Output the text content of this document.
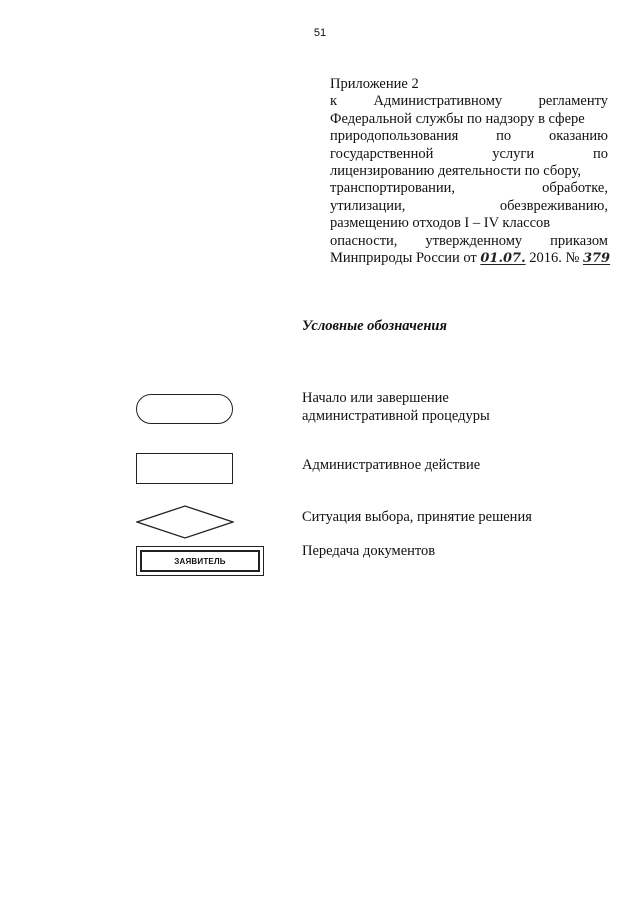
51
Приложение 2
к	Административному	регламенту
Федеральной службы по надзору в сфере
природопользования	по	оказанию
государственной	услуги	по
лицензированию деятельности по сбору,
транспортировании,	обработке,
утилизации,	обезвреживанию,
размещению отходов I – IV классов
опасности, утвержденному приказом
Минприроды России от 01.07. 2016. № 379
Условные обозначения
Начало или завершение
административной процедуры
Административное действие
Ситуация выбора, принятие решения
ЗАЯВИТЕЛЬ
Передача документов
